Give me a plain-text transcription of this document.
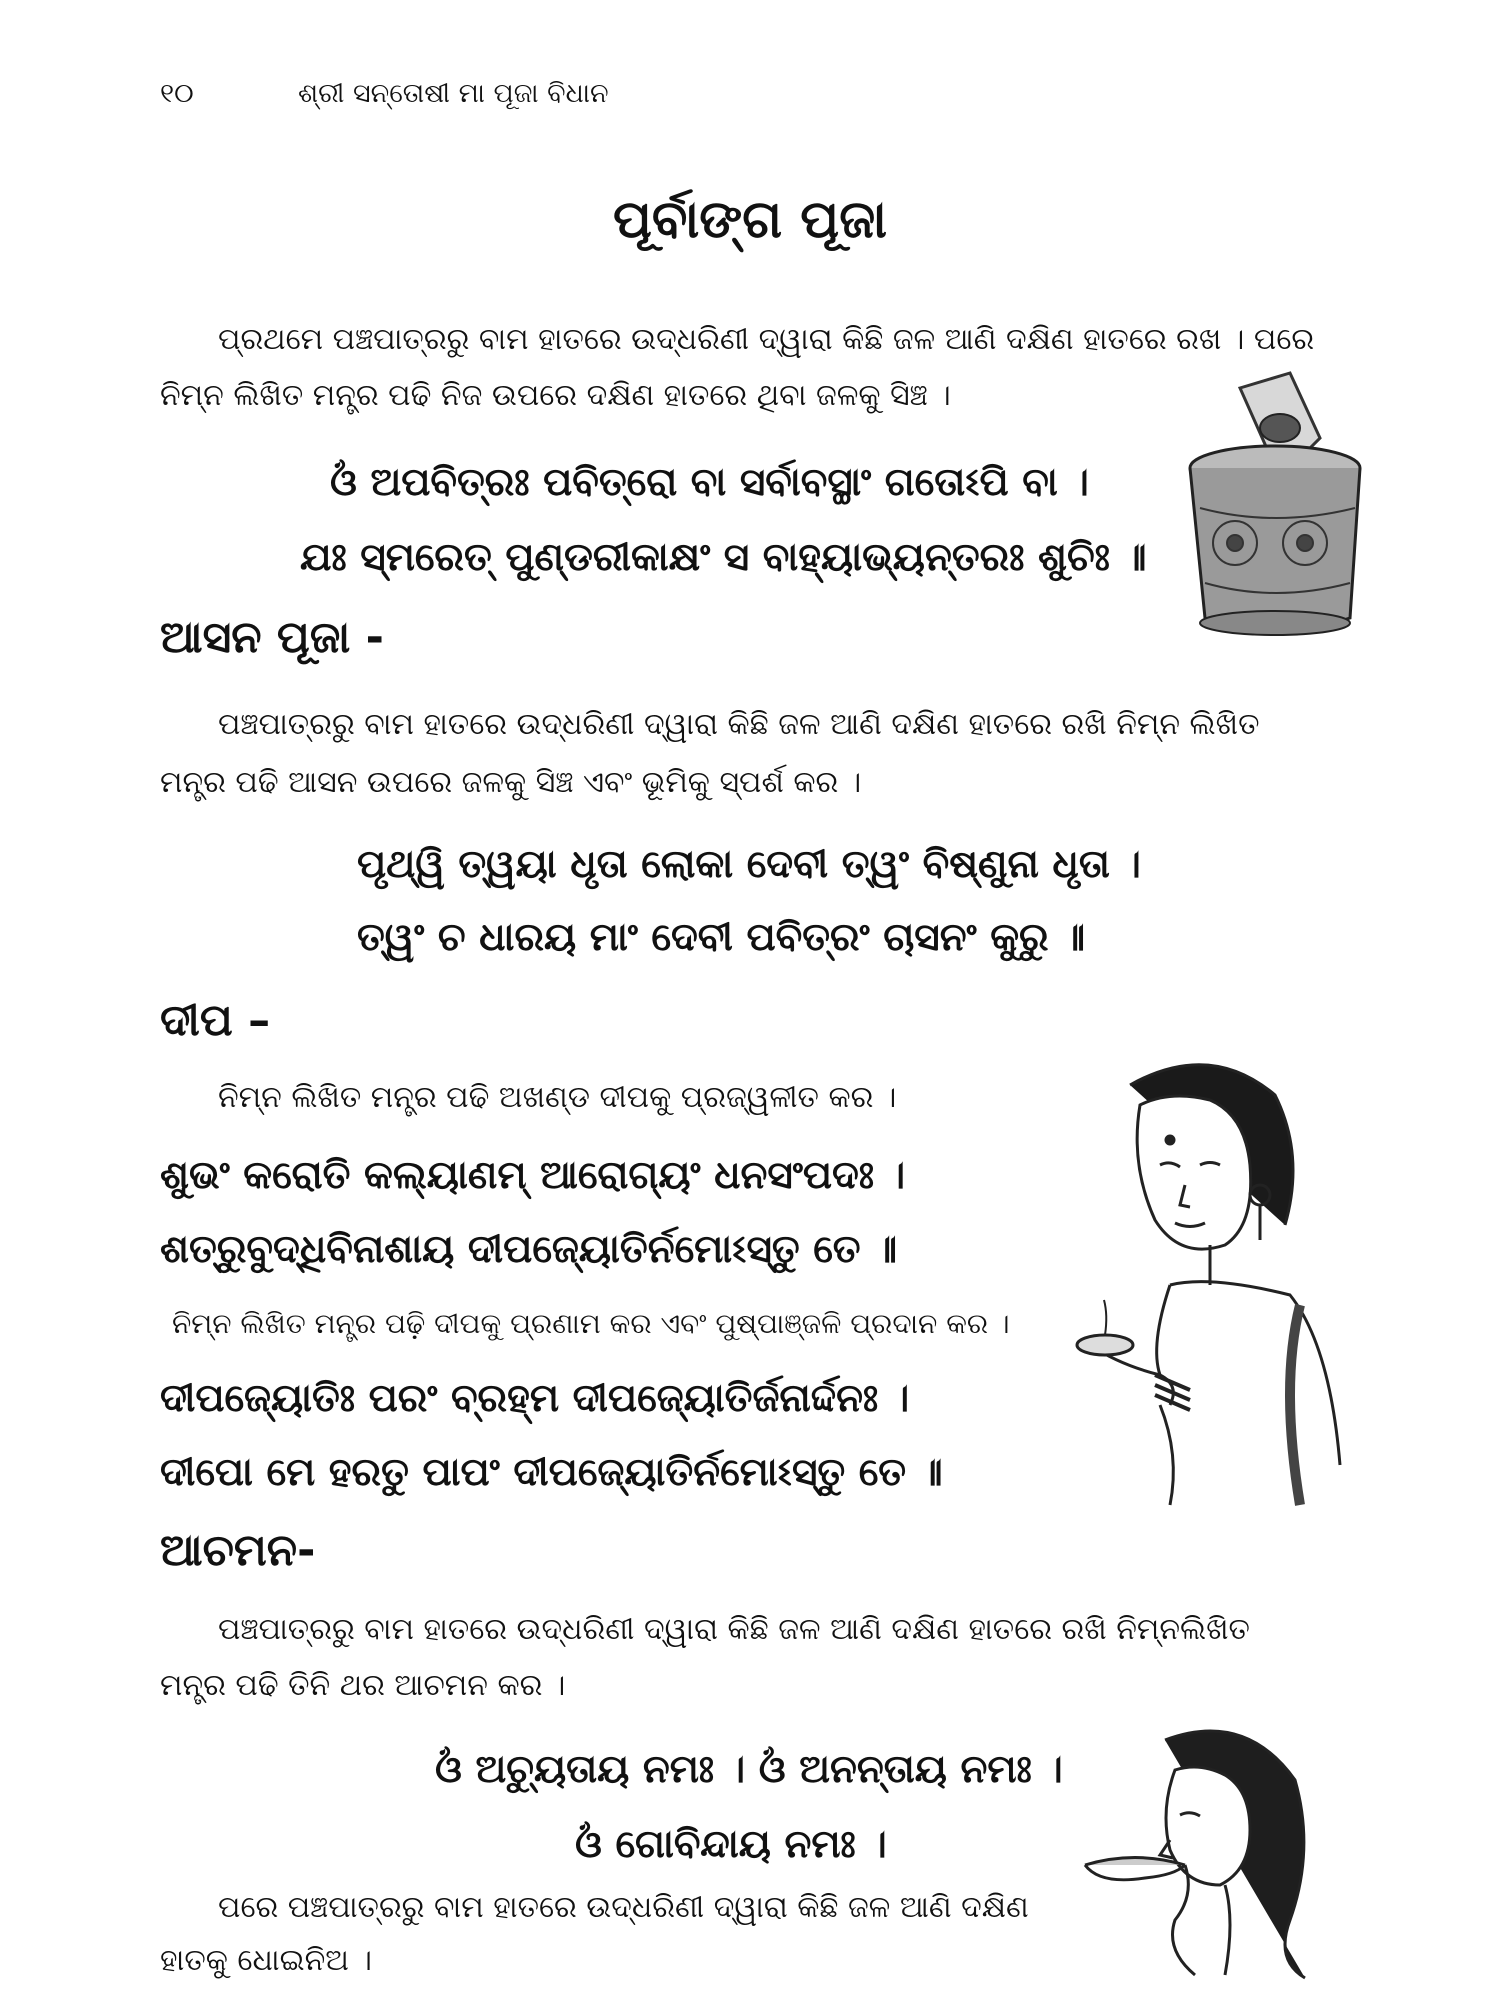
୧୦	ଶ୍ରୀ ସନ୍ତୋଷୀ ମା ପୂଜା ବିଧାନ
ପୂର୍ବାଙ୍ଗ ପୂଜା
ପ୍ରଥମେ ପଞ୍ଚପାତ୍ରରୁ ବାମ ହାତରେ ଉଦ୍ଧରିଣୀ ଦ୍ୱାରା କିଛି ଜଳ ଆଣି ଦକ୍ଷିଣ ହାତରେ ରଖ । ପରେ
ନିମ୍ନ ଲିଖିତ ମନ୍ତ୍ର ପଢି ନିଜ ଉପରେ ଦକ୍ଷିଣ ହାତରେ ଥିବା ଜଳକୁ ସିଞ୍ଚ ।
ଓଁ ଅପବିତ୍ରଃ ପବିତ୍ରୋ ବା ସର୍ବାବସ୍ଥାଂ ଗତୋଽପି ବା ।
ଯଃ ସ୍ମରେତ୍ ପୁଣ୍ଡରୀକାକ୍ଷଂ ସ ବାହ୍ୟାଭ୍ୟନ୍ତରଃ ଶୁଚିଃ ॥
ଆସନ ପୂଜା -
ପଞ୍ଚପାତ୍ରରୁ ବାମ ହାତରେ ଉଦ୍ଧରିଣୀ ଦ୍ୱାରା କିଛି ଜଳ ଆଣି ଦକ୍ଷିଣ ହାତରେ ରଖି ନିମ୍ନ ଲିଖିତ
ମନ୍ତ୍ର ପଢି ଆସନ ଉପରେ ଜଳକୁ ସିଞ୍ଚ ଏବଂ ଭୂମିକୁ ସ୍ପର୍ଶ କର ।
ପୃଥ୍ୱି ତ୍ୱୟା ଧୃତା ଲୋକା ଦେବୀ ତ୍ୱଂ ବିଷ୍ଣୁନା ଧୃତା ।
ତ୍ୱଂ ଚ ଧାରୟ ମାଂ ଦେବୀ ପବିତ୍ରଂ ଚାସନଂ କୁରୁ ॥
ଦୀପ –
ନିମ୍ନ ଲିଖିତ ମନ୍ତ୍ର ପଢି ଅଖଣ୍ଡ ଦୀପକୁ ପ୍ରଜ୍ୱଳୀତ କର ।
ଶୁଭଂ କରୋତି କଲ୍ୟାଣମ୍ ଆରୋଗ୍ୟଂ ଧନସଂପଦଃ ।
ଶତ୍ରୁବୁଦ୍ଧିବିନାଶାୟ ଦୀପଜ୍ୟୋତିର୍ନମୋଽସ୍ତୁ ତେ ॥
ନିମ୍ନ ଲିଖିତ ମନ୍ତ୍ର ପଢ଼ି ଦୀପକୁ ପ୍ରଣାମ କର ଏବଂ ପୁଷ୍ପାଞ୍ଜଳି ପ୍ରଦାନ କର ।
ଦୀପଜ୍ୟୋତିଃ ପରଂ ବ୍ରହ୍ମ ଦୀପଜ୍ୟୋତିର୍ଜନାର୍ଦ୍ଦନଃ ।
ଦୀପୋ ମେ ହରତୁ ପାପଂ ଦୀପଜ୍ୟୋତିର୍ନମୋଽସ୍ତୁ ତେ ॥
ଆଚମନ-
ପଞ୍ଚପାତ୍ରରୁ ବାମ ହାତରେ ଉଦ୍ଧରିଣୀ ଦ୍ୱାରା କିଛି ଜଳ ଆଣି ଦକ୍ଷିଣ ହାତରେ ରଖି ନିମ୍ନଲିଖିତ
ମନ୍ତ୍ର ପଢି ତିନି ଥର ଆଚମନ କର ।
ଓଁ ଅଚ୍ୟୁତାୟ ନମଃ । ଓଁ ଅନନ୍ତାୟ ନମଃ ।
ଓଁ ଗୋବିନ୍ଦାୟ ନମଃ ।
ପରେ ପଞ୍ଚପାତ୍ରରୁ ବାମ ହାତରେ ଉଦ୍ଧରିଣୀ ଦ୍ୱାରା କିଛି ଜଳ ଆଣି ଦକ୍ଷିଣ
ହାତକୁ ଧୋଇନିଅ ।
